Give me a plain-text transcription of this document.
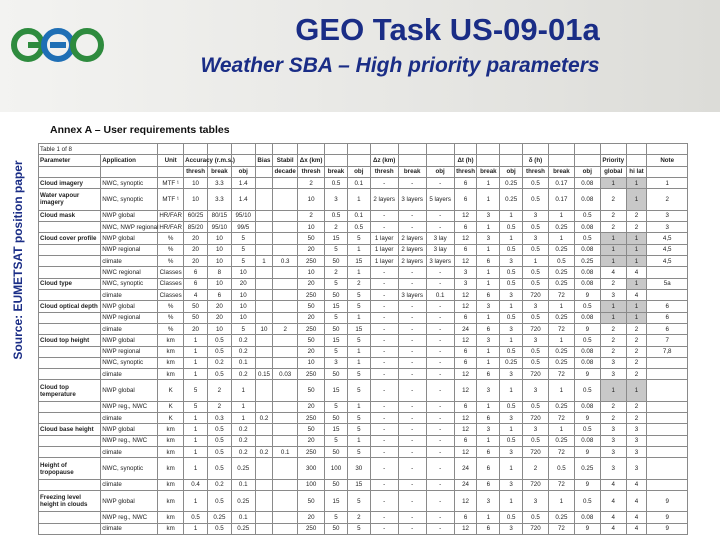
GEO Task US-09-01a
Weather SBA – High priority parameters
Source: EUMETSAT position paper
Annex A – User requirements tables
Table 1 of 8																						
Parameter	Application	Unit	Accuracy (r.m.s.)			Bias	Stabil	Δx (km)			Δz (km)			Δt (h)			δ (h)			Priority		Note
			thresh	break	obj		decade	thresh	break	obj	thresh	break	obj	thresh	break	obj	thresh	break	obj	global	hi lat	
Cloud imagery	NWC, synoptic	MTF ¹	10	3.3	1.4			2	0.5	0.1	-	-	-	6	1	0.25	0.5	0.17	0.08	1	1	1
Water vapour imagery	NWC, synoptic	MTF ¹	10	3.3	1.4			10	3	1	2 layers	3 layers	5 layers	6	1	0.25	0.5	0.17	0.08	2	1	2
Cloud mask	NWP global	HR/FAR	60/25	80/15	95/10			2	0.5	0.1	-	-	-	12	3	1	3	1	0.5	2	2	3
	NWC, NWP regional	HR/FAR	85/20	95/10	99/5			10	2	0.5	-	-	-	6	1	0.5	0.5	0.25	0.08	2	2	3
Cloud cover profile	NWP global	%	20	10	5			50	15	5	1 layer	2 layers	3 lay	12	3	1	3	1	0.5	1	1	4,5
	NWP regional	%	20	10	5			20	5	1	1 layer	2 layers	3 lay	6	1	0.5	0.5	0.25	0.08	1	1	4,5
	climate	%	20	10	5	1	0.3	250	50	15	1 layer	2 layers	3 layers	12	6	3	1	0.5	0.25	1	1	4,5
	NWC regional	Classes	6	8	10			10	2	1	-	-	-	3	1	0.5	0.5	0.25	0.08	4	4	
Cloud type	NWC, synoptic	Classes	6	10	20			20	5	2	-	-	-	3	1	0.5	0.5	0.25	0.08	2	1	5a
	climate	Classes	4	6	10			250	50	5	-	3 layers	0.1	12	6	3	720	72	9	3	4	
Cloud optical depth	NWP global	%	50	20	10			50	15	5	-	-	-	12	3	1	3	1	0.5	1	1	6
	NWP regional	%	50	20	10			20	5	1	-	-	-	6	1	0.5	0.5	0.25	0.08	1	1	6
	climate	%	20	10	5	10	2	250	50	15	-	-	-	24	6	3	720	72	9	2	2	6
Cloud top height	NWP global	km	1	0.5	0.2			50	15	5	-	-	-	12	3	1	3	1	0.5	2	2	7
	NWP regional	km	1	0.5	0.2			20	5	1	-	-	-	6	1	0.5	0.5	0.25	0.08	2	2	7,8
	NWC, synoptic	km	1	0.2	0.1			10	3	1	-	-	-	6	1	0.25	0.5	0.25	0.08	3	2	
	climate	km	1	0.5	0.2	0.15	0.03	250	50	5	-	-	-	12	6	3	720	72	9	3	2	
Cloud top temperature	NWP global	K	5	2	1			50	15	5	-	-	-	12	3	1	3	1	0.5	1	1	
	NWP reg., NWC	K	5	2	1			20	5	1	-	-	-	6	1	0.5	0.5	0.25	0.08	2	2	
	climate	K	1	0.3	1	0.2		250	50	5	-	-	-	12	6	3	720	72	9	2	2	
Cloud base height	NWP global	km	1	0.5	0.2			50	15	5	-	-	-	12	3	1	3	1	0.5	3	3	
	NWP reg., NWC	km	1	0.5	0.2			20	5	1	-	-	-	6	1	0.5	0.5	0.25	0.08	3	3	
	climate	km	1	0.5	0.2	0.2	0.1	250	50	5	-	-	-	12	6	3	720	72	9	3	3	
Height of tropopause	NWC, synoptic	km	1	0.5	0.25			300	100	30	-	-	-	24	6	1	2	0.5	0.25	3	3	
	climate	km	0.4	0.2	0.1			100	50	15	-	-	-	24	6	3	720	72	9	4	4	
Freezing level height in clouds	NWP global	km	1	0.5	0.25			50	15	5	-	-	-	12	3	1	3	1	0.5	4	4	9
	NWP reg., NWC	km	0.5	0.25	0.1			20	5	2	-	-	-	6	1	0.5	0.5	0.25	0.08	4	4	9
	climate	km	1	0.5	0.25			250	50	5	-	-	-	12	6	3	720	72	9	4	4	9
